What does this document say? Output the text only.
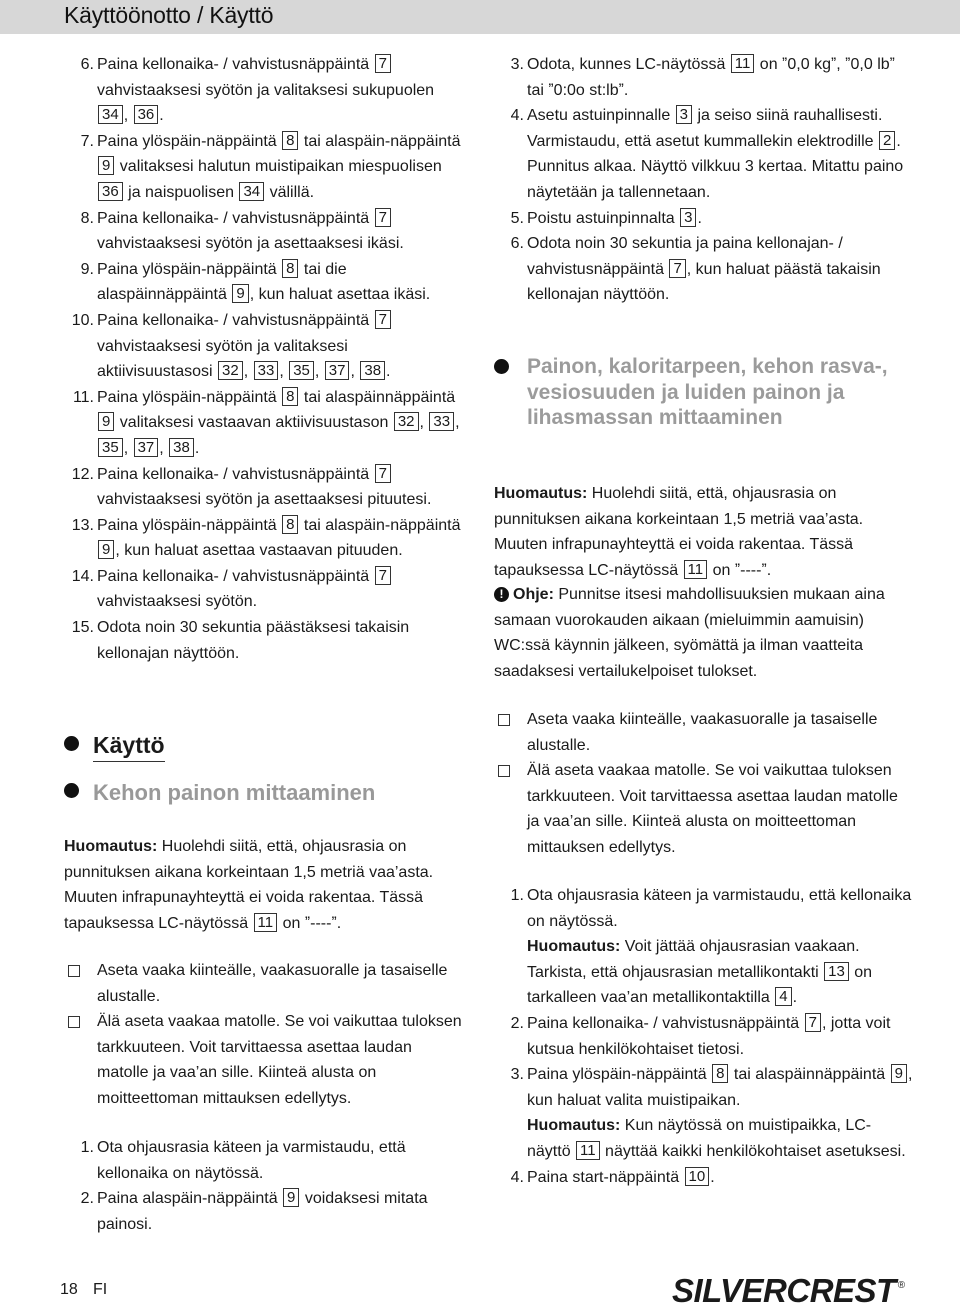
Käyttöönotto / Käyttö
6. Paina kellonaika- / vahvistusnäppäintä 7 vahvistaaksesi syötön ja valitaksesi sukupuolen 34 , 36 .
7. Paina ylöspäin-näppäintä 8 tai alaspäin-näppäintä 9 valitaksesi halutun muistipaikan miespuolisen 36 ja naispuolisen 34 välillä.
8. Paina kellonaika- / vahvistusnäppäintä 7 vahvistaaksesi syötön ja asettaaksesi ikäsi.
9. Paina ylöspäin-näppäintä 8 tai die alaspäinnäppäintä 9 , kun haluat asettaa ikäsi.
10. Paina kellonaika- / vahvistusnäppäintä 7 vahvistaaksesi syötön ja valitaksesi aktiivisuustasosi 32 , 33 , 35 , 37 , 38 .
11. Paina ylöspäin-näppäintä 8 tai alaspäinnäppäintä 9 valitaksesi vastaavan aktiivisuustason 32 , 33 , 35 , 37 , 38 .
12. Paina kellonaika- / vahvistusnäppäintä 7 vahvistaaksesi syötön ja asettaaksesi pituutesi.
13. Paina ylöspäin-näppäintä 8 tai alaspäin-näppäintä 9 , kun haluat asettaa vastaavan pituuden.
14. Paina kellonaika- / vahvistusnäppäintä 7 vahvistaaksesi syötön.
15. Odota noin 30 sekuntia päästäksesi takaisin kellonajan näyttöön.
Käyttö
Kehon painon mittaaminen
Huomautus: Huolehdi siitä, että, ohjausrasia on punnituksen aikana korkeintaan 1,5 metriä vaa’asta. Muuten infrapunayhteyttä ei voida rakentaa. Tässä tapauksessa LC-näytössä 11 on ˮ----ˮ.
Aseta vaaka kiinteälle, vaakasuoralle ja tasaiselle alustalle.
Älä aseta vaakaa matolle. Se voi vaikuttaa tuloksen tarkkuuteen. Voit tarvittaessa asettaa laudan matolle ja vaa’an sille. Kiinteä alusta on moitteettoman mittauksen edellytys.
1. Ota ohjausrasia käteen ja varmistaudu, että kellonaika on näytössä.
2. Paina alaspäin-näppäintä 9 voidaksesi mitata painosi.
3. Odota, kunnes LC-näytössä 11 on ˮ0,0 kgˮ, ˮ0,0 lbˮ tai ˮ0:0o st:lbˮ.
4. Asetu astuinpinnalle 3 ja seiso siinä rauhallisesti. Varmistaudu, että asetut kummallekin elektrodille 2 . Punnitus alkaa. Näyttö vilkkuu 3 kertaa. Mitattu paino näytetään ja tallennetaan.
5. Poistu astuinpinnalta 3 .
6. Odota noin 30 sekuntia ja paina kellonajan- / vahvistusnäppäintä 7 , kun haluat päästä takaisin kellonajan näyttöön.
Painon, kaloritarpeen, kehon rasva-, vesiosuuden ja luiden painon ja lihasmassan mittaaminen
Huomautus: Huolehdi siitä, että, ohjausrasia on punnituksen aikana korkeintaan 1,5 metriä vaa’asta. Muuten infrapunayhteyttä ei voida rakentaa. Tässä tapauksessa LC-näytössä 11 on ˮ----ˮ.
! Ohje: Punnitse itsesi mahdollisuuksien mukaan aina samaan vuorokauden aikaan (mieluimmin aamuisin) WC:ssä käynnin jälkeen, syömättä ja ilman vaatteita saadaksesi vertailukelpoiset tulokset.
Aseta vaaka kiinteälle, vaakasuoralle ja tasaiselle alustalle.
Älä aseta vaakaa matolle. Se voi vaikuttaa tuloksen tarkkuuteen. Voit tarvittaessa asettaa laudan matolle ja vaa’an sille. Kiinteä alusta on moitteettoman mittauksen edellytys.
1. Ota ohjausrasia käteen ja varmistaudu, että kellonaika on näytössä.
Huomautus: Voit jättää ohjausrasian vaakaan. Tarkista, että ohjausrasian metallikontakti 13 on tarkalleen vaa’an metallikontaktilla 4 .
2. Paina kellonaika- / vahvistusnäppäintä 7 , jotta voit kutsua henkilökohtaiset tietosi.
3. Paina ylöspäin-näppäintä 8 tai alaspäinnäppäintä 9 , kun haluat valita muistipaikan.
Huomautus: Kun näytössä on muistipaikka, LC-näyttö 11 näyttää kaikki henkilökohtaiset asetuksesi.
4. Paina start-näppäintä 10 .
18 FI	SILVERCREST ®
